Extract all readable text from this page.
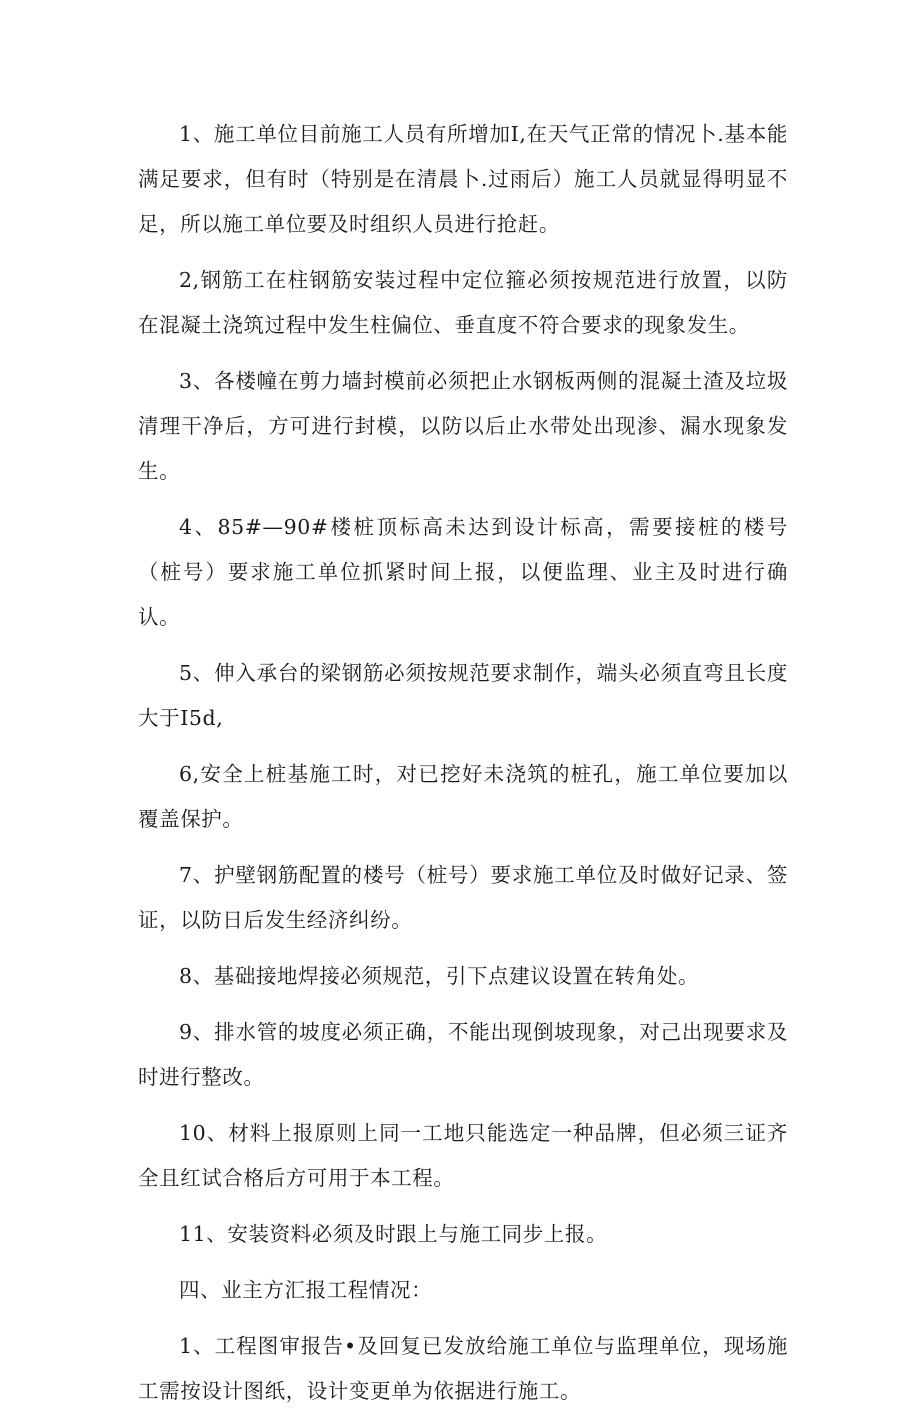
1、施工单位目前施工人员有所增加I,在天气正常的情况卜.基本能满足要求，但有时（特别是在清晨卜.过雨后）施工人员就显得明显不足，所以施工单位要及时组织人员进行抢赶。

2,钢筋工在柱钢筋安装过程中定位箍必须按规范进行放置，以防在混凝土浇筑过程中发生柱偏位、垂直度不符合要求的现象发生。

3、各楼幢在剪力墙封模前必须把止水钢板两侧的混凝土渣及垃圾清理干净后，方可进行封模，以防以后止水带处出现渗、漏水现象发生。

4、85#—90#楼桩顶标高未达到设计标高，需要接桩的楼号（桩号）要求施工单位抓紧时间上报，以便监理、业主及时进行确认。

5、伸入承台的梁钢筋必须按规范要求制作，端头必须直弯且长度大于I5d,

6,安全上桩基施工时，对已挖好未浇筑的桩孔，施工单位要加以覆盖保护。

7、护壁钢筋配置的楼号（桩号）要求施工单位及时做好记录、签证，以防日后发生经济纠纷。

8、基础接地焊接必须规范，引下点建议设置在转角处。

9、排水管的坡度必须正确，不能出现倒坡现象，对己出现要求及时进行整改。

10、材料上报原则上同一工地只能选定一种品牌，但必须三证齐全且红试合格后方可用于本工程。

11、安装资料必须及时跟上与施工同步上报。

四、业主方汇报工程情况：

1、工程图审报告•及回复已发放给施工单位与监理单位，现场施工需按设计图纸，设计变更单为依据进行施工。
